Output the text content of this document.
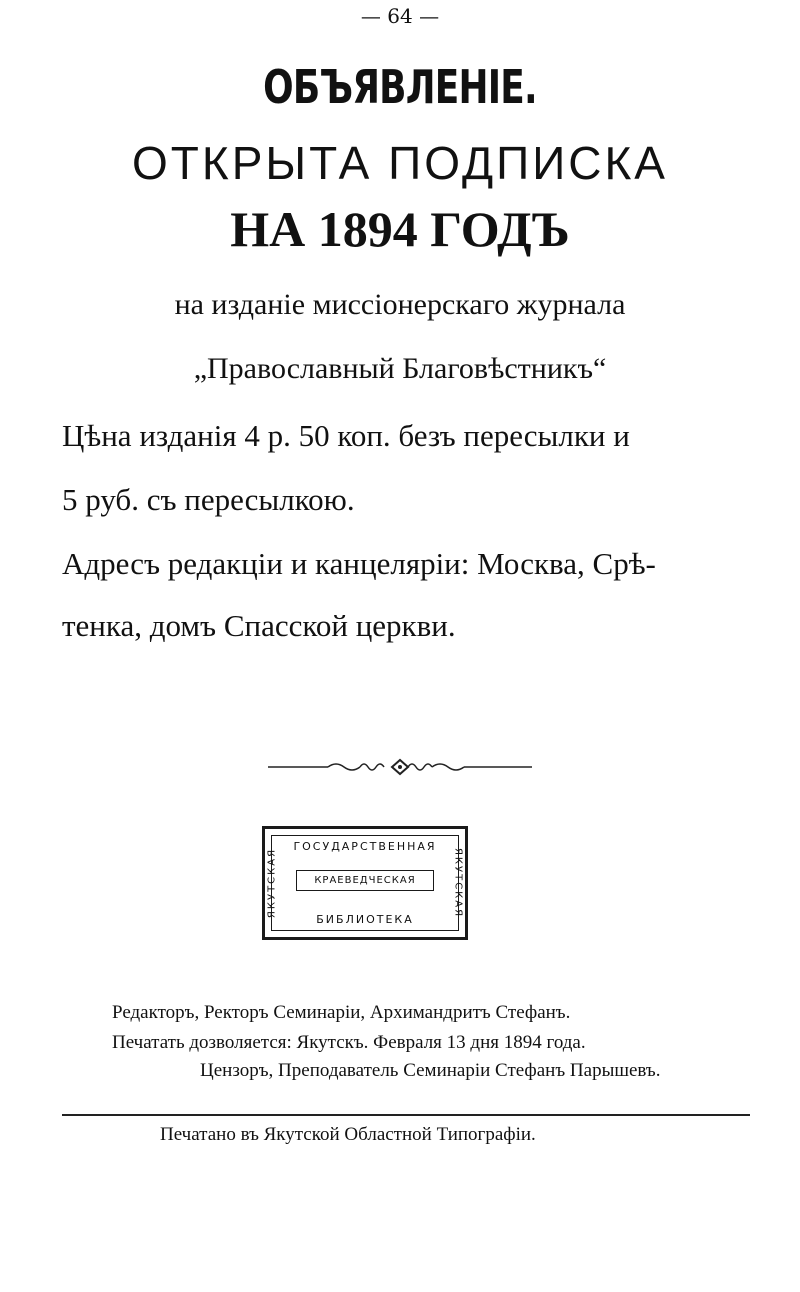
— 64 —
ОБЪЯВЛЕНІЕ.
ОТКРЫТА ПОДПИСКА
НА 1894 ГОДЪ
на изданіе миссіонерскаго журнала
„Православный Благовѣстникъ“
Цѣна изданія 4 р. 50 коп. безъ пересылки и
5 руб. съ пересылкою.
Адресъ редакціи и канцеляріи: Москва, Срѣ-
тенка, домъ Спасской церкви.
ГОСУДАРСТВЕННАЯ
КРАЕВЕДЧЕСКАЯ
БИБЛИОТЕКА
ЯКУТСКАЯ	ЯКУТСКАЯ
Редакторъ, Ректоръ Семинаріи, Архимандритъ Стефанъ.
Печатать дозволяется: Якутскъ. Февраля 13 дня 1894 года.
Цензоръ, Преподаватель Семинаріи Стефанъ Парышевъ.
Печатано въ Якутской Областной Типографіи.
